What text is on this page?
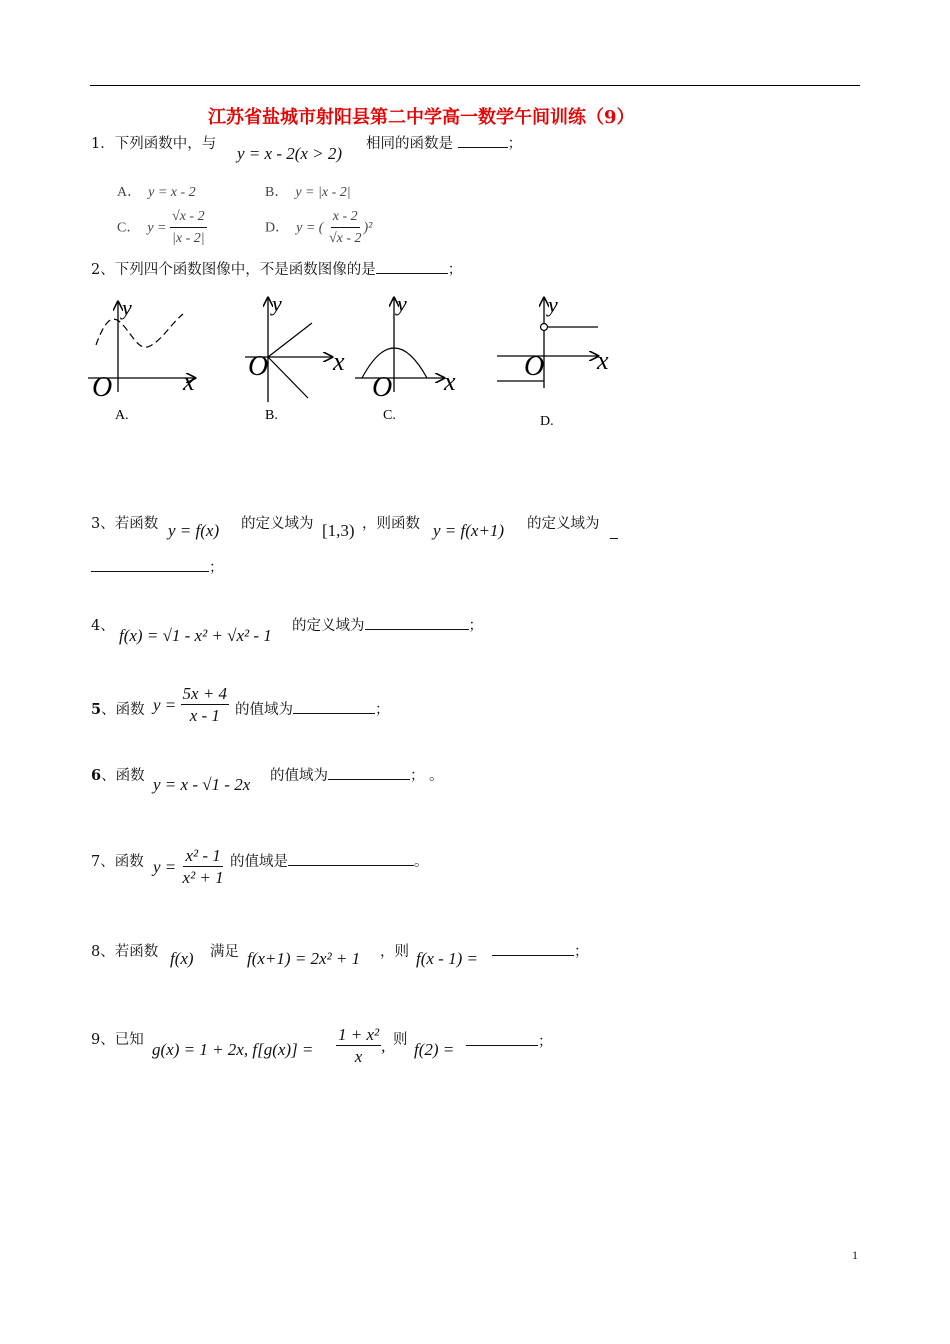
江苏省盐城市射阳县第二中学高一数学午间训练（9）
1．下列函数中，与 y = x - 2(x > 2) 相同的函数是	；
A． y = x - 2	B． y = |x - 2|
C． $y = \frac{√x - 2}{|x - 2|}$	D． y = ( $\frac{x - 2}{√x - 2} )^2$
2、下列四个函数图像中，不是函数图像的是	；
y
x
O
A.
y
x
O
B.
y
x
O
C.
y
x
O
D.
3、若函数 y = f(x) 的定义域为 [1,3) ，则函数 y = f(x+1) 的定义域为
；
4、 f(x) = √1 - x² + √x² - 1 的定义域为	；
5、函数 $y = \frac{5x + 4}{x - 1}$ 的值域为	；
6、函数 y = x - √1 - 2x 的值域为	； 。
7、函数 $y = \frac{\text{x² - 1}}{\text{x² + 1}}$ 的值域是	。
8、若函数 f(x) 满足 f(x+1) = 2x² + 1 ，则 f(x - 1) =	；
9、已知 g(x) = 1 + 2x, $f[g(x)] = \frac{\text{1 + x²}}{x}$ , 则 f(2) =	；
1
